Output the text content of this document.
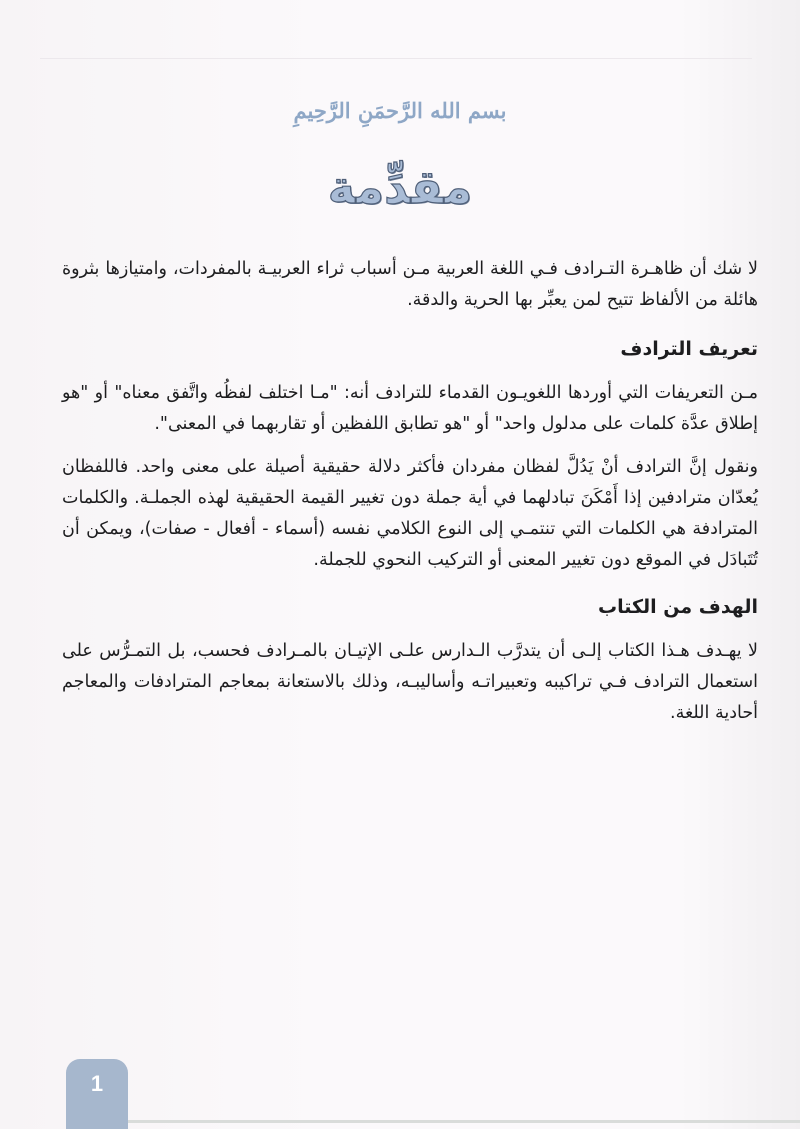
بسم الله الرَّحمَنِ الرَّحِيمِ
مقدِّمة

لا شك أن ظاهـرة التـرادف فـي اللغة العربية مـن أسباب ثراء العربيـة بالمفردات، وامتيازها بثروة هائلة من الألفاظ تتيح لمن يعبِّر بها الحرية والدقة.

تعريف الترادف

مـن التعريفات التي أوردها اللغويـون القدماء للترادف أنه: "مـا اختلف لفظُه واتَّفق معناه" أو "هو إطلاق عدَّة كلمات على مدلول واحد" أو "هو تطابق اللفظين أو تقاربهما في المعنى".

ونقول إنَّ الترادف أنْ يَدُلَّ لفظان مفردان فأكثر دلالة حقيقية أصيلة على معنى واحد. فاللفظان يُعدّان مترادفين إذا أَمْكَنَ تبادلهما في أية جملة دون تغيير القيمة الحقيقية لهذه الجملـة. والكلمات المترادفة هي الكلمات التي تنتمـي إلى النوع الكلامي نفسه (أسماء - أفعال - صفات)، ويمكن أن تُتَبادَل في الموقع دون تغيير المعنى أو التركيب النحوي للجملة.

الهدف من الكتاب

لا يهـدف هـذا الكتاب إلـى أن يتدرَّب الـدارس علـى الإتيـان بالمـرادف فحسب، بل التمـرُّس على استعمال الترادف فـي تراكيبه وتعبيراتـه وأساليبـه، وذلك بالاستعانة بمعاجم المترادفات والمعاجم أحادية اللغة.

1
